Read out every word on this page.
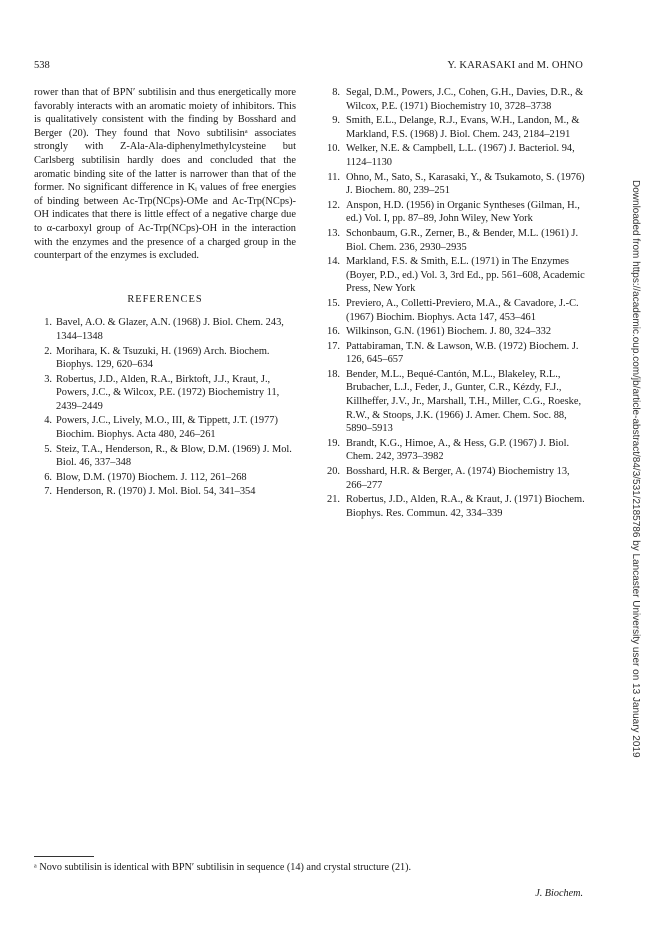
538	Y. KARASAKI and M. OHNO

rower than that of BPN′ subtilisin and thus energetically more favorably interacts with an aromatic moiety of inhibitors. This is qualitatively consistent with the finding by Bosshard and Berger (20). They found that Novo subtilisinᵃ associates strongly with Z-Ala-Ala-diphenylmethylcysteine but Carlsberg subtilisin hardly does and concluded that the aromatic binding site of the latter is narrower than that of the former. No significant difference in Kᵢ values of free energies of binding between Ac-Trp(NCps)-OMe and Ac-Trp(NCps)-OH indicates that there is little effect of a negative charge due to α-carboxyl group of Ac-Trp(NCps)-OH in the interaction with the enzymes and the presence of a charged group in the counterpart of the enzymes is excluded.

REFERENCES
1. Bavel, A.O. & Glazer, A.N. (1968) J. Biol. Chem. 243, 1344–1348
2. Morihara, K. & Tsuzuki, H. (1969) Arch. Biochem. Biophys. 129, 620–634
3. Robertus, J.D., Alden, R.A., Birktoft, J.J., Kraut, J., Powers, J.C., & Wilcox, P.E. (1972) Biochemistry 11, 2439–2449
4. Powers, J.C., Lively, M.O., III, & Tippett, J.T. (1977) Biochim. Biophys. Acta 480, 246–261
5. Steiz, T.A., Henderson, R., & Blow, D.M. (1969) J. Mol. Biol. 46, 337–348
6. Blow, D.M. (1970) Biochem. J. 112, 261–268
7. Henderson, R. (1970) J. Mol. Biol. 54, 341–354
8. Segal, D.M., Powers, J.C., Cohen, G.H., Davies, D.R., & Wilcox, P.E. (1971) Biochemistry 10, 3728–3738
9. Smith, E.L., Delange, R.J., Evans, W.H., Landon, M., & Markland, F.S. (1968) J. Biol. Chem. 243, 2184–2191
10. Welker, N.E. & Campbell, L.L. (1967) J. Bacteriol. 94, 1124–1130
11. Ohno, M., Sato, S., Karasaki, Y., & Tsukamoto, S. (1976) J. Biochem. 80, 239–251
12. Anspon, H.D. (1956) in Organic Syntheses (Gilman, H., ed.) Vol. I, pp. 87–89, John Wiley, New York
13. Schonbaum, G.R., Zerner, B., & Bender, M.L. (1961) J. Biol. Chem. 236, 2930–2935
14. Markland, F.S. & Smith, E.L. (1971) in The Enzymes (Boyer, P.D., ed.) Vol. 3, 3rd Ed., pp. 561–608, Academic Press, New York
15. Previero, A., Colletti-Previero, M.A., & Cavadore, J.-C. (1967) Biochim. Biophys. Acta 147, 453–461
16. Wilkinson, G.N. (1961) Biochem. J. 80, 324–332
17. Pattabiraman, T.N. & Lawson, W.B. (1972) Biochem. J. 126, 645–657
18. Bender, M.L., Bequé-Cantón, M.L., Blakeley, R.L., Brubacher, L.J., Feder, J., Gunter, C.R., Kézdy, F.J., Killheffer, J.V., Jr., Marshall, T.H., Miller, C.G., Roeske, R.W., & Stoops, J.K. (1966) J. Amer. Chem. Soc. 88, 5890–5913
19. Brandt, K.G., Himoe, A., & Hess, G.P. (1967) J. Biol. Chem. 242, 3973–3982
20. Bosshard, H.R. & Berger, A. (1974) Biochemistry 13, 266–277
21. Robertus, J.D., Alden, R.A., & Kraut, J. (1971) Biochem. Biophys. Res. Commun. 42, 334–339	Downloaded from https://academic.oup.com/jb/article-abstract/84/3/531/2185786 by Lancaster University user on 13 January 2019
ᵃ Novo subtilisin is identical with BPN′ subtilisin in sequence (14) and crystal structure (21).
J. Biochem.
